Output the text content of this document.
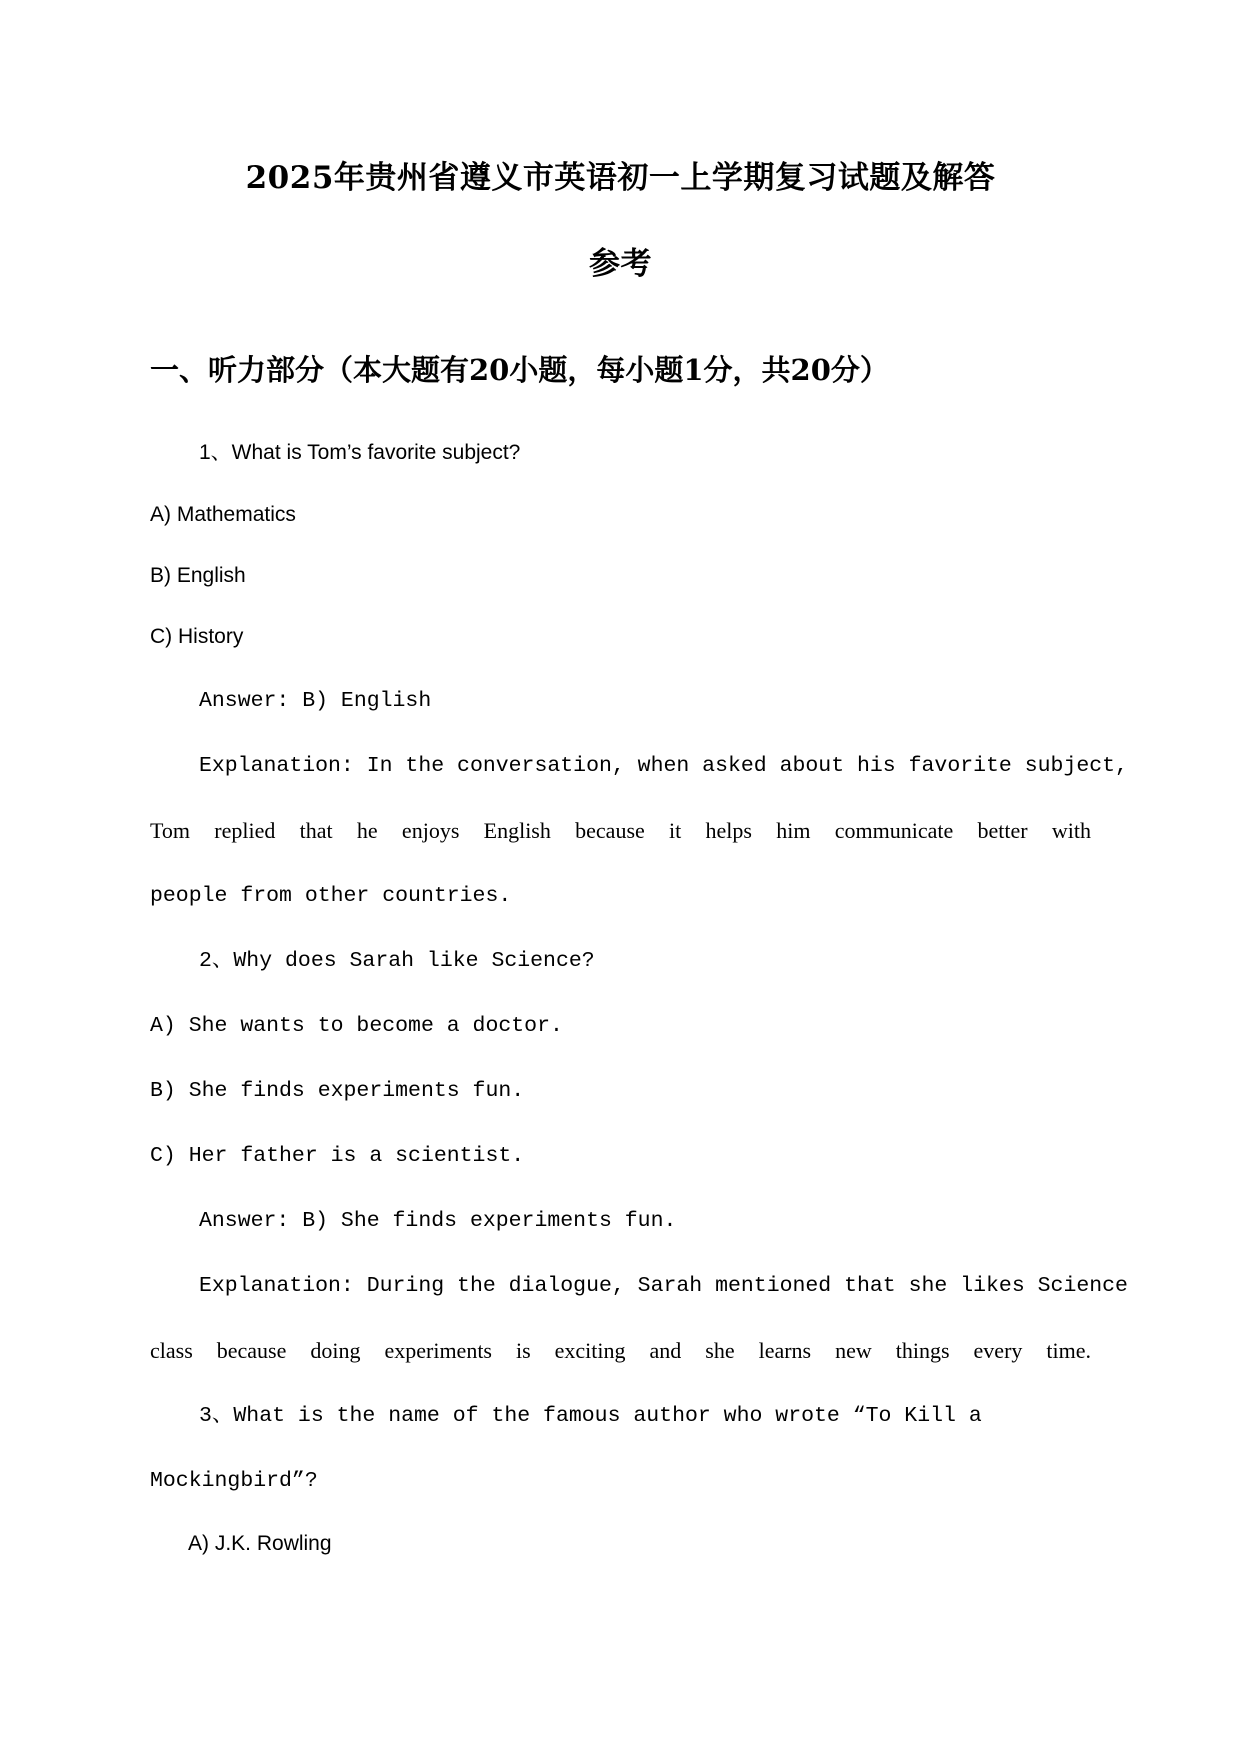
2025年贵州省遵义市英语初一上学期复习试题及解答
参考
一、听力部分（本大题有20小题，每小题1分，共20分）
1、What is Tom’s favorite subject?
A) Mathematics
B) English
C) History
Answer: B) English
Explanation: In the conversation, when asked about his favorite subject,
Tom replied that he enjoys English because it helps him communicate better with
people from other countries.
2、Why does Sarah like Science?
A) She wants to become a doctor.
B) She finds experiments fun.
C) Her father is a scientist.
Answer: B) She finds experiments fun.
Explanation: During the dialogue, Sarah mentioned that she likes Science
class because doing experiments is exciting and she learns new things every time.
3、What is the name of the famous author who wrote “To Kill a
Mockingbird”?
A) J.K. Rowling
